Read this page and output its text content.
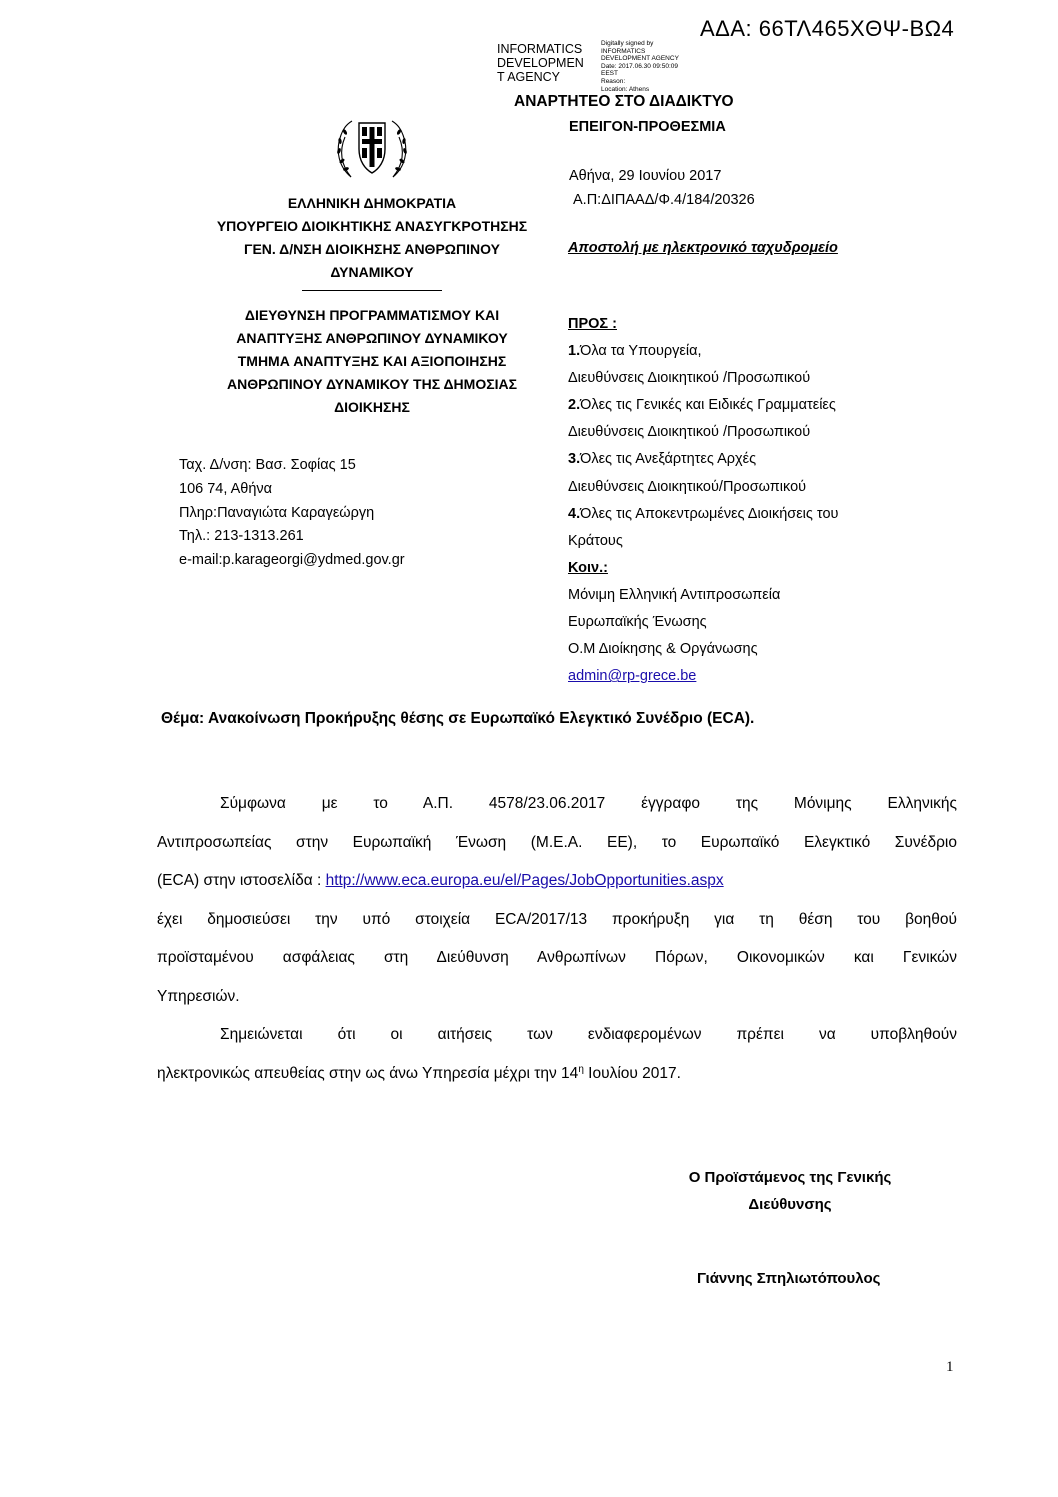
ΑΔΑ: 66ΤΛ465ΧΘΨ-ΒΩ4
INFORMATICS
DEVELOPMEN
T AGENCY
Digitally signed by
INFORMATICS
DEVELOPMENT AGENCY
Date: 2017.06.30 09:50:09
EEST
Reason:
Location: Athens
ΑΝΑΡΤΗΤΕΟ ΣΤΟ ΔΙΑΔΙΚΤΥΟ
ΕΠΕΙΓΟΝ-ΠΡΟΘΕΣΜΙΑ
Αθήνα, 29 Ιουνίου 2017
Α.Π:ΔΙΠΑΑΔ/Φ.4/184/20326
Αποστολή με ηλεκτρονικό ταχυδρομείο
ΕΛΛΗΝΙΚΗ ΔΗΜΟΚΡΑΤΙΑ
ΥΠΟΥΡΓΕΙΟ ΔΙΟΙΚΗΤΙΚΗΣ ΑΝΑΣΥΓΚΡΟΤΗΣΗΣ
ΓΕΝ. Δ/ΝΣΗ ΔΙΟΙΚΗΣΗΣ ΑΝΘΡΩΠΙΝΟΥ
ΔΥΝΑΜΙΚΟΥ
ΔΙΕΥΘΥΝΣΗ ΠΡΟΓΡΑΜΜΑΤΙΣΜΟΥ ΚΑΙ
ΑΝΑΠΤΥΞΗΣ ΑΝΘΡΩΠΙΝΟΥ ΔΥΝΑΜΙΚΟΥ
ΤΜΗΜΑ ΑΝΑΠΤΥΞΗΣ ΚΑΙ ΑΞΙΟΠΟΙΗΣΗΣ
ΑΝΘΡΩΠΙΝΟΥ ΔΥΝΑΜΙΚΟΥ ΤΗΣ ΔΗΜΟΣΙΑΣ
ΔΙΟΙΚΗΣΗΣ
Ταχ. Δ/νση: Βασ. Σοφίας 15
106 74, Αθήνα
Πληρ:Παναγιώτα Καραγεώργη
Τηλ.: 213-1313.261
e-mail:p.karageorgi@ydmed.gov.gr
ΠΡΟΣ :
1.Όλα τα Υπουργεία,
Διευθύνσεις Διοικητικού /Προσωπικού
2.Όλες τις Γενικές και Ειδικές Γραμματείες
Διευθύνσεις Διοικητικού /Προσωπικού
3.Όλες τις Ανεξάρτητες Αρχές
Διευθύνσεις Διοικητικού/Προσωπικού
4.Όλες τις Αποκεντρωμένες Διοικήσεις του
Κράτους
Κοιν.:
Μόνιμη Ελληνική Αντιπροσωπεία
Ευρωπαϊκής Ένωσης
Ο.Μ Διοίκησης & Οργάνωσης
admin@rp-grece.be
Θέμα: Ανακοίνωση Προκήρυξης θέσης σε Ευρωπαϊκό Ελεγκτικό Συνέδριο (ECA).

Σύμφωνα με το Α.Π. 4578/23.06.2017 έγγραφο της Μόνιμης Ελληνικής

Αντιπροσωπείας στην Ευρωπαϊκή Ένωση (Μ.Ε.Α. ΕΕ), το Ευρωπαϊκό Ελεγκτικό Συνέδριο

(ECA) στην ιστοσελίδα : http://www.eca.europa.eu/el/Pages/JobOpportunities.aspx

έχει δημοσιεύσει την υπό στοιχεία ECA/2017/13 προκήρυξη για τη θέση του βοηθού

προϊσταμένου ασφάλειας στη Διεύθυνση Ανθρωπίνων Πόρων, Οικονομικών και Γενικών

Υπηρεσιών.

Σημειώνεται ότι οι αιτήσεις των ενδιαφερομένων πρέπει να υποβληθούν

ηλεκτρονικώς απευθείας στην ως άνω Υπηρεσία μέχρι την $14^\eta$ Ιουλίου 2017.

Ο Προϊστάμενος της Γενικής
Διεύθυνσης
Γιάννης Σπηλιωτόπουλος
1
